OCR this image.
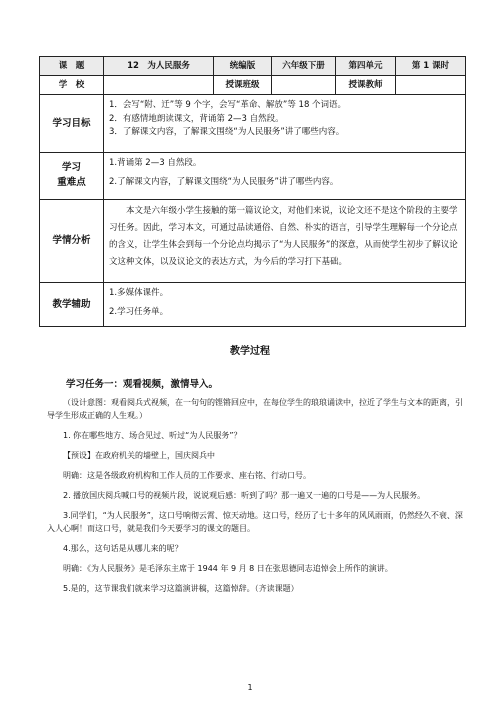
课　题	12　为人民服务	统编版	六年级下册	第四单元	第 1 课时
学　校		授课班级		授课教师	
学习目标	1．会写“附、迁”等 9 个字，会写“革命、解放”等 18 个词语。
2．有感情地朗读课文，背诵第 2—3 自然段。
3．了解课文内容，了解课文围绕“为人民服务”讲了哪些内容。				

学习
重难点	1.背诵第 2—3 自然段。
2.了解课文内容，了解课文围绕“为人民服务”讲了哪些内容。				

学情分析	本文是六年级小学生接触的第一篇议论文，对他们来说，议论文还不是这个阶段的主要学习任务。因此，学习本文，可通过品读通俗、自然、朴实的语言，引导学生理解每一个分论点的含义，让学生体会到每一个分论点均揭示了“为人民服务”的深意，从而使学生初步了解议论文这种文体，以及议论文的表达方式，为今后的学习打下基础。				

教学辅助	1.多媒体课件。
2.学习任务单。				
教学过程

学习任务一：观看视频，激情导入。

（设计意图：观看阅兵式视频，在一句句的铿锵回应中，在每位学生的琅琅诵读中，拉近了学生与文本的距离，引导学生形成正确的人生观。）

1. 你在哪些地方、场合见过、听过“为人民服务”？

【预设】在政府机关的墙壁上，国庆阅兵中

明确：这是各级政府机构和工作人员的工作要求、座右铭、行动口号。

2. 播放国庆阅兵喊口号的视频片段，说说观后感：听到了吗？那一遍又一遍的口号是——为人民服务。

3.同学们，“为人民服务”，这口号响彻云霄、惊天动地。这口号，经历了七十多年的风风雨雨，仍然经久不衰、深入人心啊！而这口号，就是我们今天要学习的课文的题目。

4.那么，这句话是从哪儿来的呢？

明确：《为人民服务》是毛泽东主席于 1944 年 9 月 8 日在张思德同志追悼会上所作的演讲。

5.是的，这节课我们就来学习这篇演讲稿，这篇悼辞。（齐读课题）

1
